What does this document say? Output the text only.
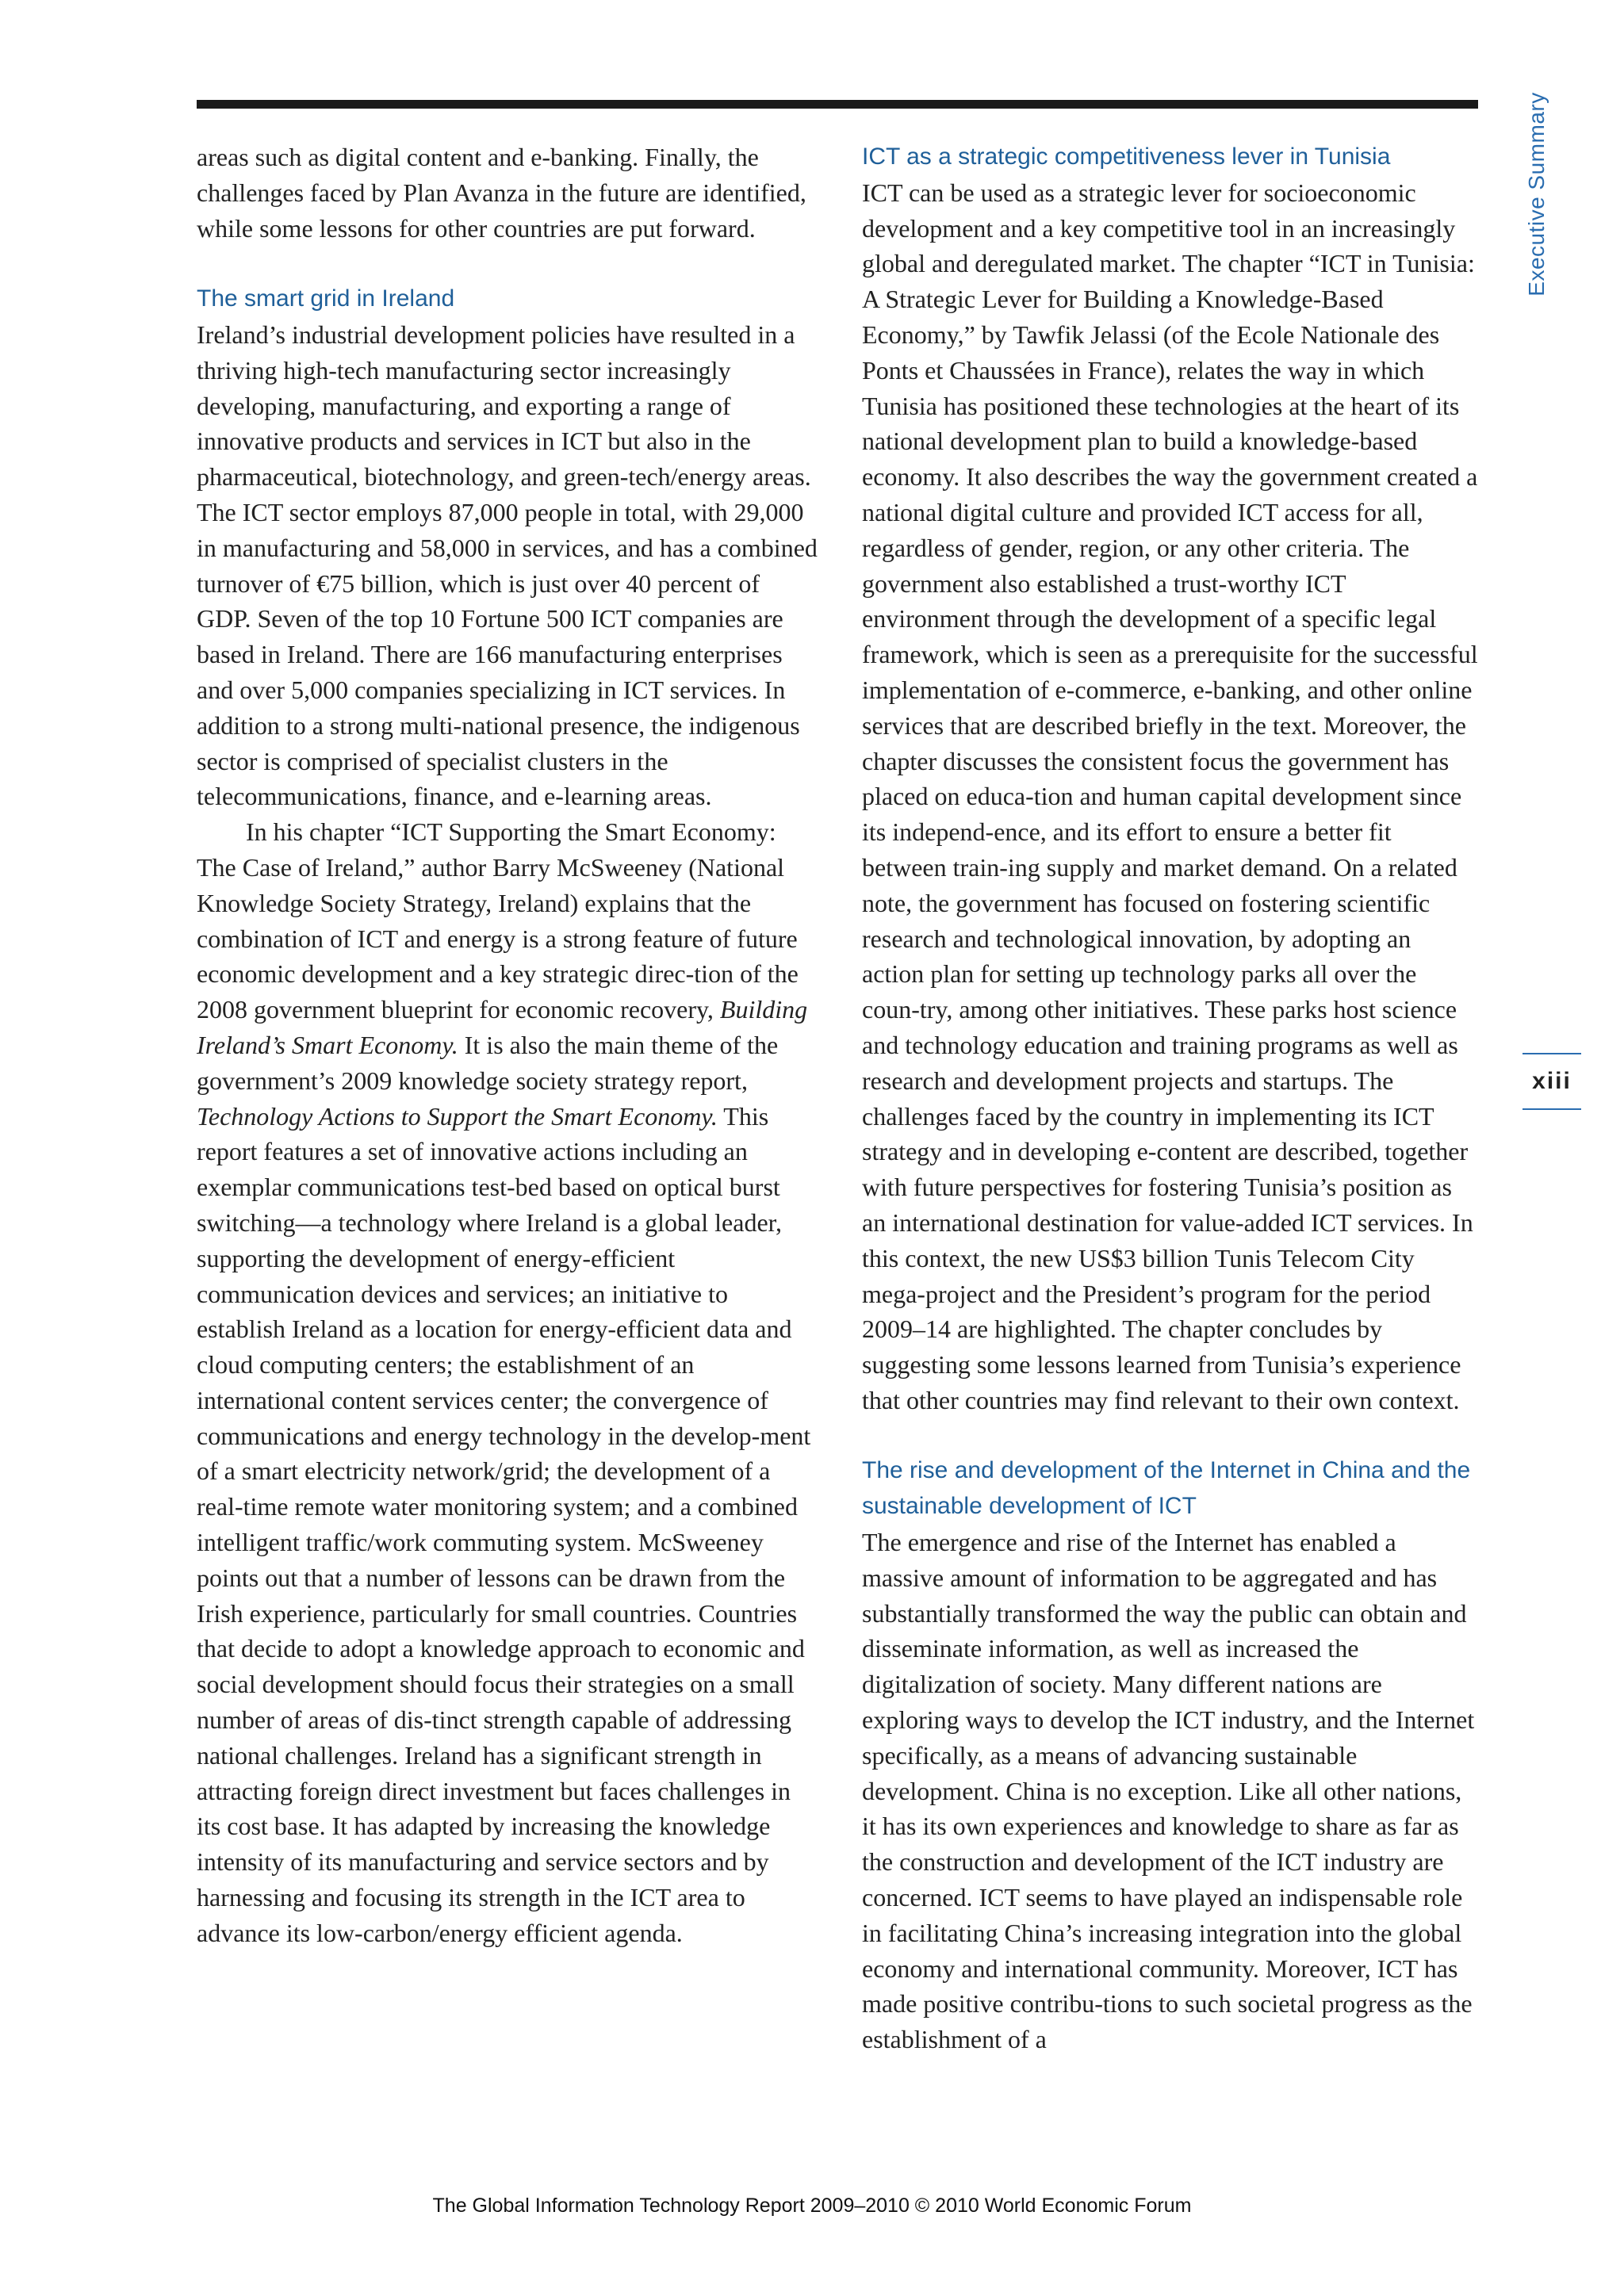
Executive Summary
xiii

areas such as digital content and e-banking. Finally, the challenges faced by Plan Avanza in the future are identified, while some lessons for other countries are put forward.

The smart grid in Ireland

Ireland’s industrial development policies have resulted in a thriving high-tech manufacturing sector increasingly developing, manufacturing, and exporting a range of innovative products and services in ICT but also in the pharmaceutical, biotechnology, and green-tech/energy areas. The ICT sector employs 87,000 people in total, with 29,000 in manufacturing and 58,000 in services, and has a combined turnover of €75 billion, which is just over 40 percent of GDP. Seven of the top 10 Fortune 500 ICT companies are based in Ireland. There are 166 manufacturing enterprises and over 5,000 companies specializing in ICT services. In addition to a strong multi-national presence, the indigenous sector is comprised of specialist clusters in the telecommunications, finance, and e-learning areas.

In his chapter “ICT Supporting the Smart Economy: The Case of Ireland,” author Barry McSweeney (National Knowledge Society Strategy, Ireland) explains that the combination of ICT and energy is a strong feature of future economic development and a key strategic direc-tion of the 2008 government blueprint for economic recovery, Building Ireland’s Smart Economy. It is also the main theme of the government’s 2009 knowledge society strategy report, Technology Actions to Support the Smart Economy. This report features a set of innovative actions including an exemplar communications test-bed based on optical burst switching—a technology where Ireland is a global leader, supporting the development of energy-efficient communication devices and services; an initiative to establish Ireland as a location for energy-efficient data and cloud computing centers; the establishment of an international content services center; the convergence of communications and energy technology in the develop-ment of a smart electricity network/grid; the development of a real-time remote water monitoring system; and a combined intelligent traffic/work commuting system. McSweeney points out that a number of lessons can be drawn from the Irish experience, particularly for small countries. Countries that decide to adopt a knowledge approach to economic and social development should focus their strategies on a small number of areas of dis-tinct strength capable of addressing national challenges. Ireland has a significant strength in attracting foreign direct investment but faces challenges in its cost base. It has adapted by increasing the knowledge intensity of its manufacturing and service sectors and by harnessing and focusing its strength in the ICT area to advance its low-carbon/energy efficient agenda.

ICT as a strategic competitiveness lever in Tunisia

ICT can be used as a strategic lever for socioeconomic development and a key competitive tool in an increasingly global and deregulated market. The chapter “ICT in Tunisia: A Strategic Lever for Building a Knowledge-Based Economy,” by Tawfik Jelassi (of the Ecole Nationale des Ponts et Chaussées in France), relates the way in which Tunisia has positioned these technologies at the heart of its national development plan to build a knowledge-based economy. It also describes the way the government created a national digital culture and provided ICT access for all, regardless of gender, region, or any other criteria. The government also established a trust-worthy ICT environment through the development of a specific legal framework, which is seen as a prerequisite for the successful implementation of e-commerce, e-banking, and other online services that are described briefly in the text. Moreover, the chapter discusses the consistent focus the government has placed on educa-tion and human capital development since its independ-ence, and its effort to ensure a better fit between train-ing supply and market demand. On a related note, the government has focused on fostering scientific research and technological innovation, by adopting an action plan for setting up technology parks all over the coun-try, among other initiatives. These parks host science and technology education and training programs as well as research and development projects and startups. The challenges faced by the country in implementing its ICT strategy and in developing e-content are described, together with future perspectives for fostering Tunisia’s position as an international destination for value-added ICT services. In this context, the new US$3 billion Tunis Telecom City mega-project and the President’s program for the period 2009–14 are highlighted. The chapter concludes by suggesting some lessons learned from Tunisia’s experience that other countries may find relevant to their own context.

The rise and development of the Internet in China and the sustainable development of ICT

The emergence and rise of the Internet has enabled a massive amount of information to be aggregated and has substantially transformed the way the public can obtain and disseminate information, as well as increased the digitalization of society. Many different nations are exploring ways to develop the ICT industry, and the Internet specifically, as a means of advancing sustainable development. China is no exception. Like all other nations, it has its own experiences and knowledge to share as far as the construction and development of the ICT industry are concerned. ICT seems to have played an indispensable role in facilitating China’s increasing integration into the global economy and international community. Moreover, ICT has made positive contribu-tions to such societal progress as the establishment of a

The Global Information Technology Report 2009–2010 © 2010 World Economic Forum
